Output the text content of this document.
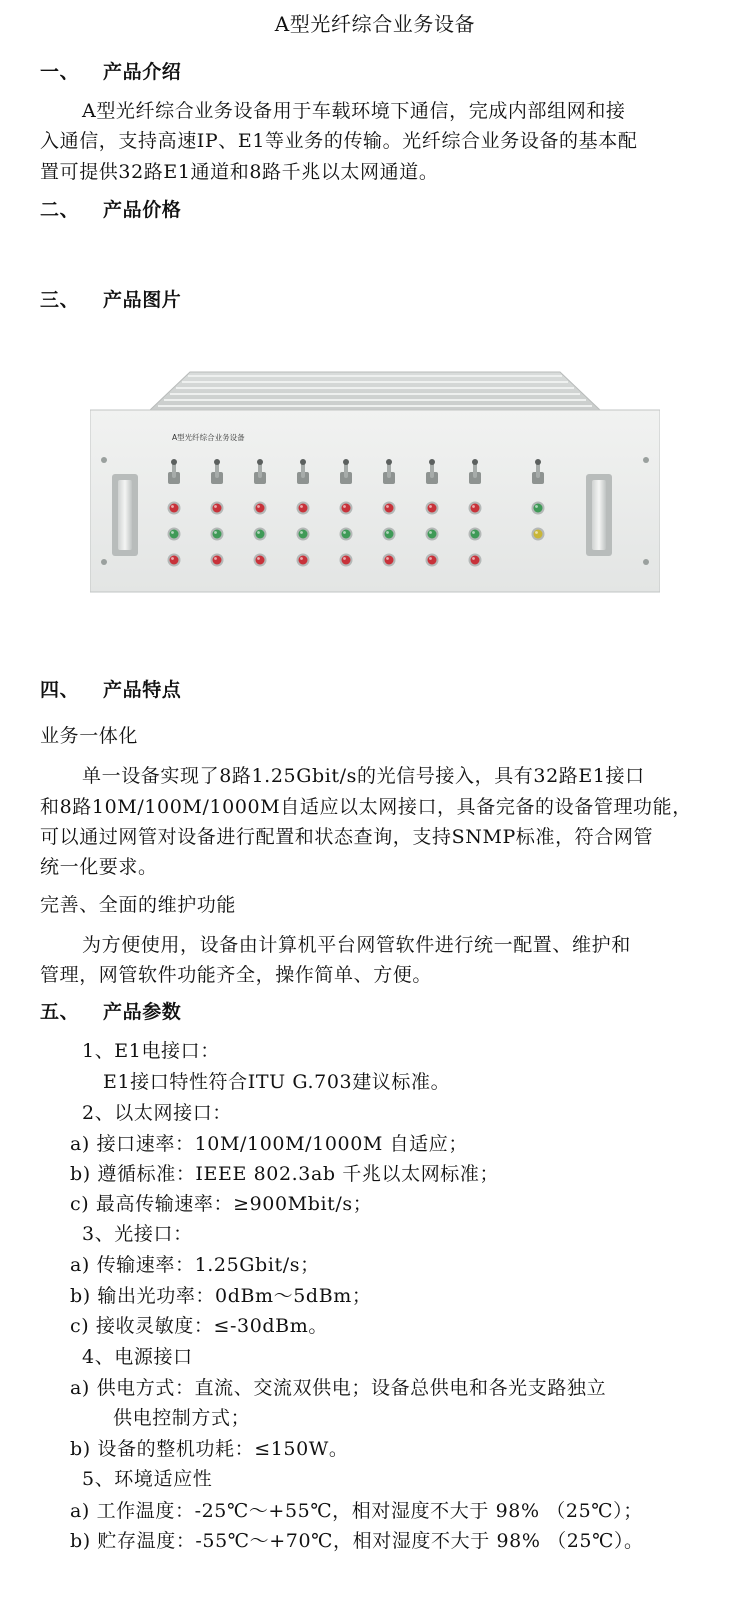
A型光纤综合业务设备
一、 产品介绍
A型光纤综合业务设备用于车载环境下通信，完成内部组网和接
入通信，支持高速IP、E1等业务的传输。光纤综合业务设备的基本配
置可提供32路E1通道和8路千兆以太网通道。
二、 产品价格
三、 产品图片
A型光纤综合业务设备
四、 产品特点
业务一体化
单一设备实现了8路1.25Gbit/s的光信号接入，具有32路E1接口
和8路10M/100M/1000M自适应以太网接口，具备完备的设备管理功能，
可以通过网管对设备进行配置和状态查询，支持SNMP标准，符合网管
统一化要求。
完善、全面的维护功能
为方便使用，设备由计算机平台网管软件进行统一配置、维护和
管理，网管软件功能齐全，操作简单、方便。
五、 产品参数
1、E1电接口：
E1接口特性符合ITU G.703建议标准。
2、以太网接口：
a) 接口速率：10M/100M/1000M 自适应；
b) 遵循标准：IEEE 802.3ab 千兆以太网标准；
c) 最高传输速率：≥900Mbit/s；
3、光接口：
a) 传输速率：1.25Gbit/s；
b) 输出光功率：0dBm～5dBm；
c) 接收灵敏度：≤-30dBm。
4、电源接口
a) 供电方式：直流、交流双供电；设备总供电和各光支路独立
供电控制方式；
b) 设备的整机功耗：≤150W。
5、环境适应性
a) 工作温度：-25℃～+55℃，相对湿度不大于 98% （25℃）；
b) 贮存温度：-55℃～+70℃，相对湿度不大于 98% （25℃）。
